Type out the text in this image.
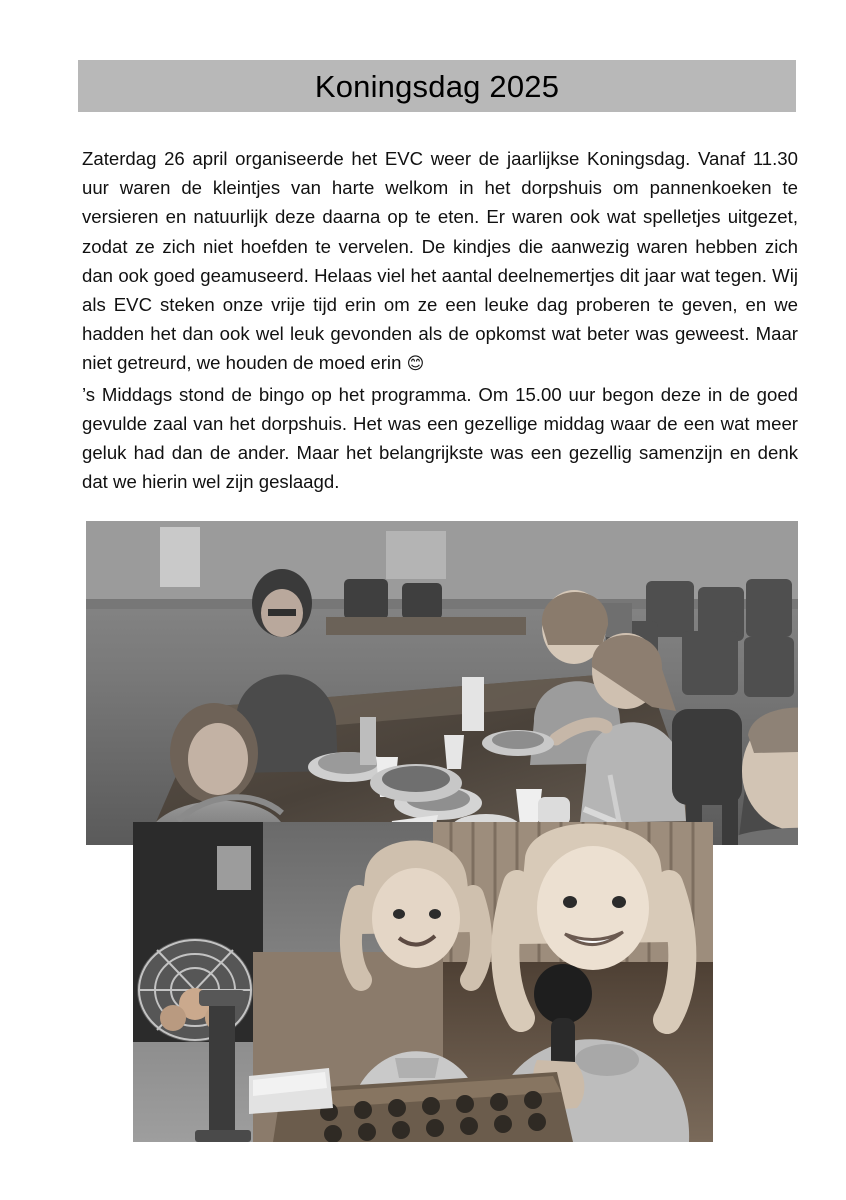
Koningsdag 2025

Zaterdag 26 april organiseerde het EVC weer de jaarlijkse Koningsdag. Vanaf 11.30 uur waren de kleintjes van harte welkom in het dorpshuis om pannenkoeken te versieren en natuurlijk deze daarna op te eten. Er waren ook wat spelletjes uitgezet, zodat ze zich niet hoefden te vervelen. De kindjes die aanwezig waren hebben zich dan ook goed geamuseerd. Helaas viel het aantal deelnemertjes dit jaar wat tegen. Wij als EVC steken onze vrije tijd erin om ze een leuke dag proberen te geven, en we hadden het dan ook wel leuk gevonden als de opkomst wat beter was geweest. Maar niet getreurd, we houden de moed erin 😊

’s Middags stond de bingo op het programma. Om 15.00 uur begon deze in de goed gevulde zaal van het dorpshuis. Het was een gezellige middag waar de een wat meer geluk had dan de ander. Maar het belangrijkste was een gezellig samenzijn en denk dat we hierin wel zijn geslaagd.
